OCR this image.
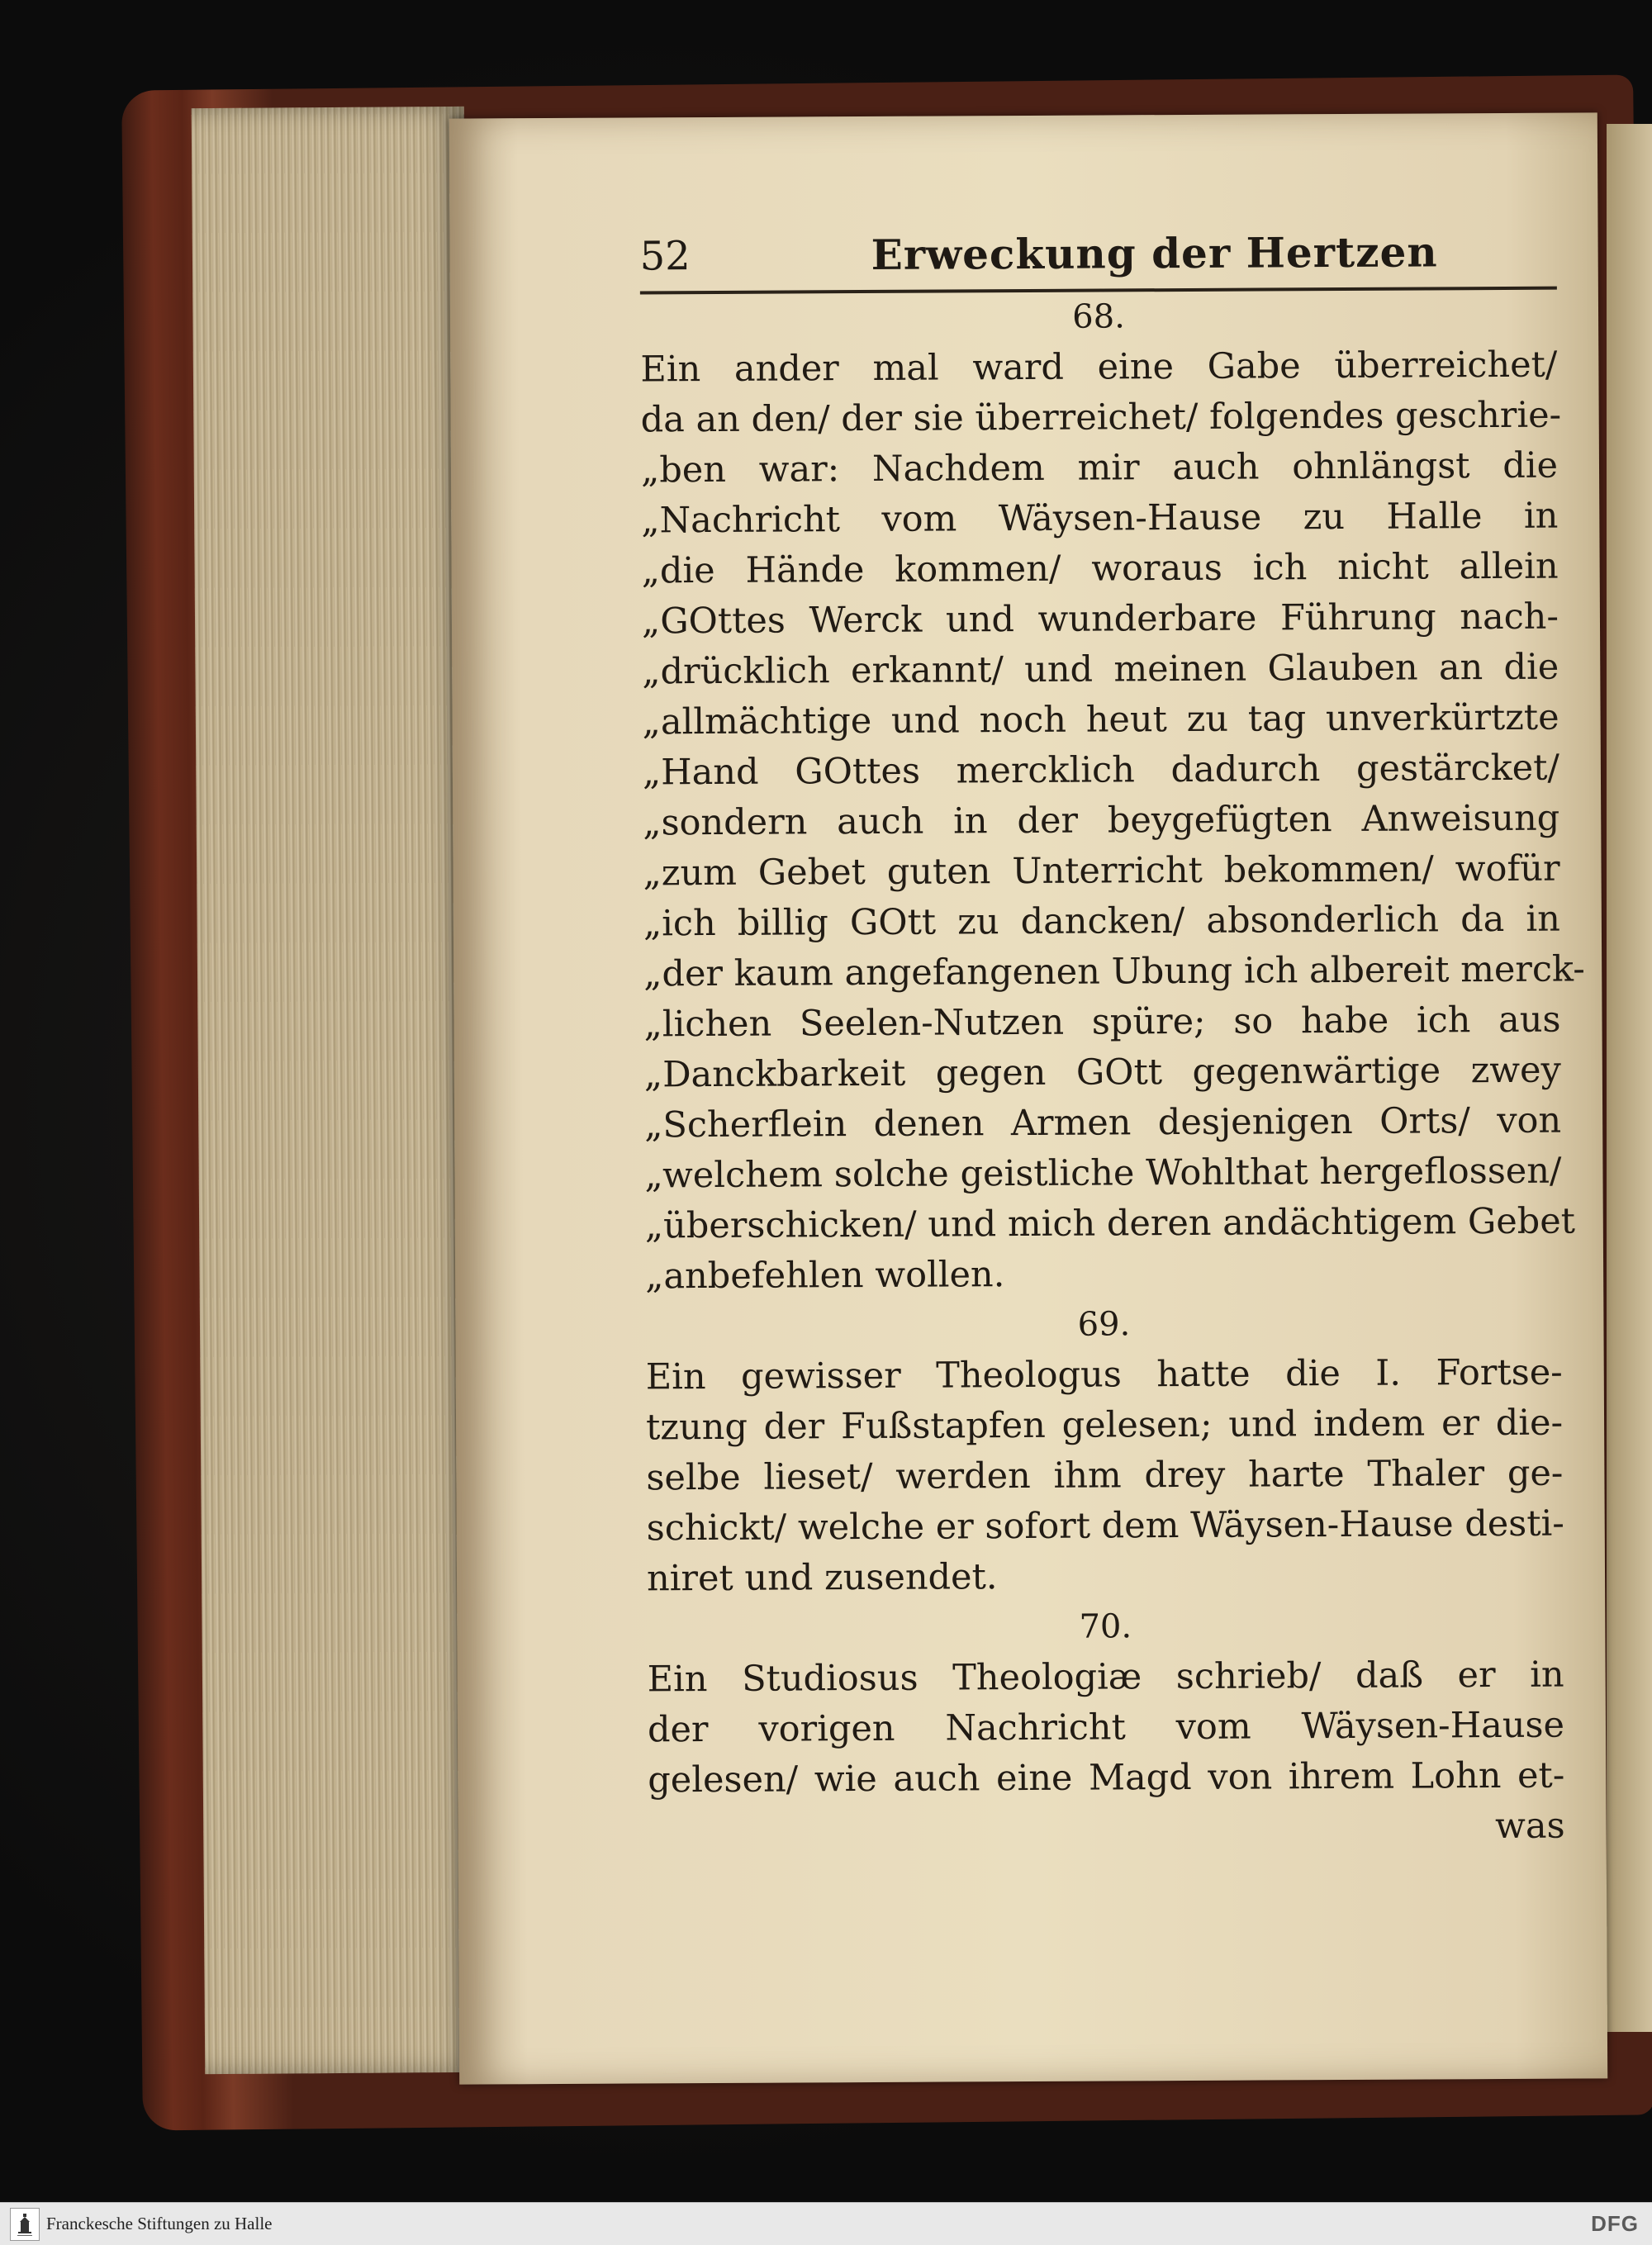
52	Erweckung der Hertzen
68.
Ein ander mal ward eine Gabe überreichet/
da an den/ der sie überreichet/ folgendes geschrie-
„ben war: Nachdem mir auch ohnlängst die
„Nachricht vom Wäysen-Hause zu Halle in
„die Hände kommen/ woraus ich nicht allein
„GOttes Werck und wunderbare Führung nach-
„drücklich erkannt/ und meinen Glauben an die
„allmächtige und noch heut zu tag unverkürtzte
„Hand GOttes mercklich dadurch gestärcket/
„sondern auch in der beygefügten Anweisung
„zum Gebet guten Unterricht bekommen/ wofür
„ich billig GOtt zu dancken/ absonderlich da in
„der kaum angefangenen Ubung ich albereit merck-
„lichen Seelen-Nutzen spüre; so habe ich aus
„Danckbarkeit gegen GOtt gegenwärtige zwey
„Scherflein denen Armen desjenigen Orts/ von
„welchem solche geistliche Wohlthat hergeflossen/
„überschicken/ und mich deren andächtigem Gebet
„anbefehlen wollen.
69.
Ein gewisser Theologus hatte die I. Fortse-
tzung der Fußstapfen gelesen; und indem er die-
selbe lieset/ werden ihm drey harte Thaler ge-
schickt/ welche er sofort dem Wäysen-Hause desti-
niret und zusendet.
70.
Ein Studiosus Theologiæ schrieb/ daß er in
der vorigen Nachricht vom Wäysen-Hause
gelesen/ wie auch eine Magd von ihrem Lohn et-
was
Franckesche Stiftungen zu Halle	DFG
